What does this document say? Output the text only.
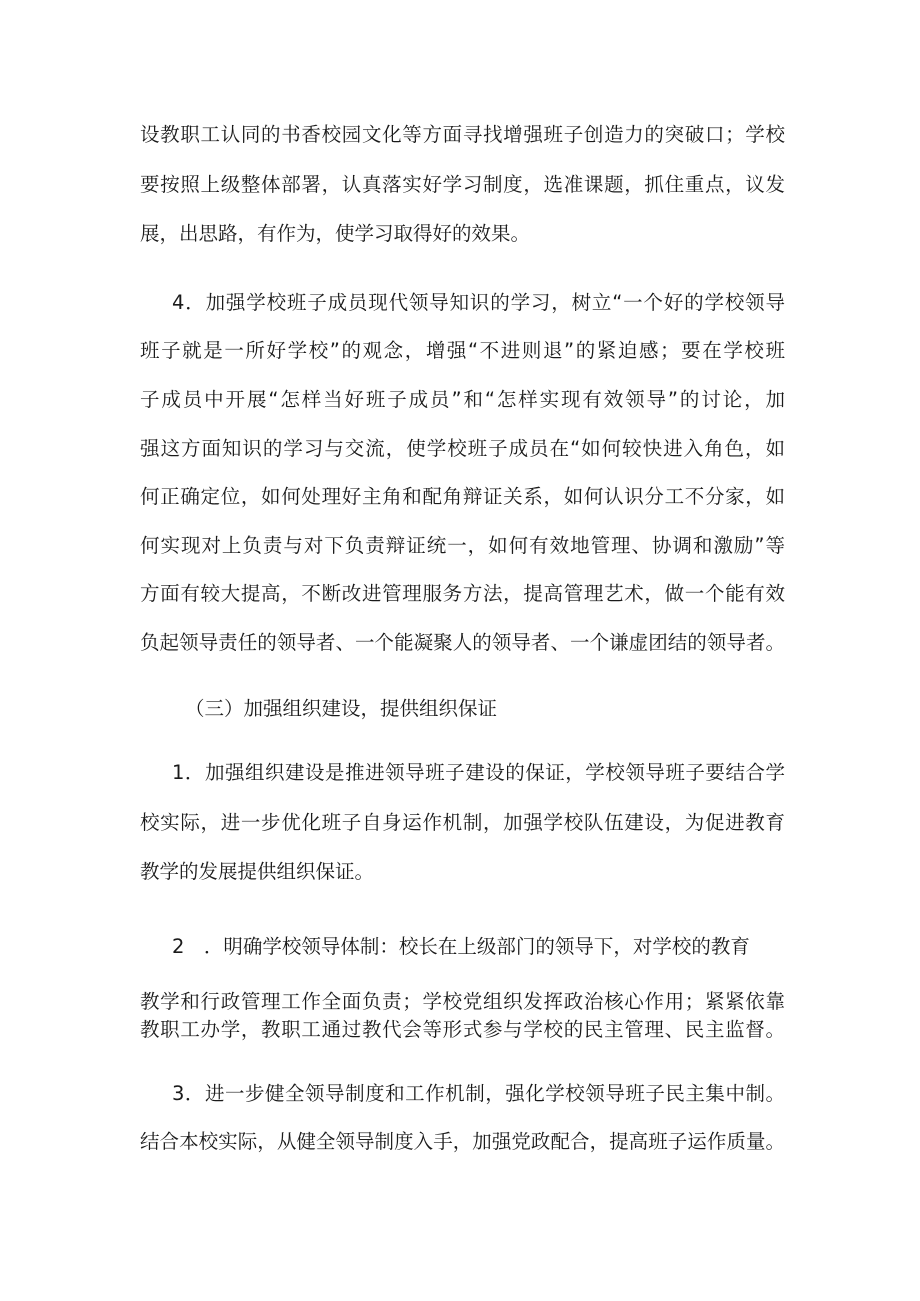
设教职工认同的书香校园文化等方面寻找增强班子创造力的突破口；学校
要按照上级整体部署，认真落实好学习制度，选准课题，抓住重点，议发
展，出思路，有作为，使学习取得好的效果。
4．加强学校班子成员现代领导知识的学习，树立“一个好的学校领导
班子就是一所好学校”的观念，增强“不进则退”的紧迫感；要在学校班
子成员中开展“怎样当好班子成员”和“怎样实现有效领导”的讨论，加
强这方面知识的学习与交流，使学校班子成员在“如何较快进入角色，如
何正确定位，如何处理好主角和配角辩证关系，如何认识分工不分家，如
何实现对上负责与对下负责辩证统一，如何有效地管理、协调和激励”等
方面有较大提高，不断改进管理服务方法，提高管理艺术，做一个能有效
负起领导责任的领导者、一个能凝聚人的领导者、一个谦虚团结的领导者。
（三）加强组织建设，提供组织保证
1．加强组织建设是推进领导班子建设的保证，学校领导班子要结合学
校实际，进一步优化班子自身运作机制，加强学校队伍建设，为促进教育
教学的发展提供组织保证。
2　．明确学校领导体制：校长在上级部门的领导下，对学校的教育
教学和行政管理工作全面负责；学校党组织发挥政治核心作用；紧紧依靠
教职工办学，教职工通过教代会等形式参与学校的民主管理、民主监督。
3．进一步健全领导制度和工作机制，强化学校领导班子民主集中制。
结合本校实际，从健全领导制度入手，加强党政配合，提高班子运作质量。
